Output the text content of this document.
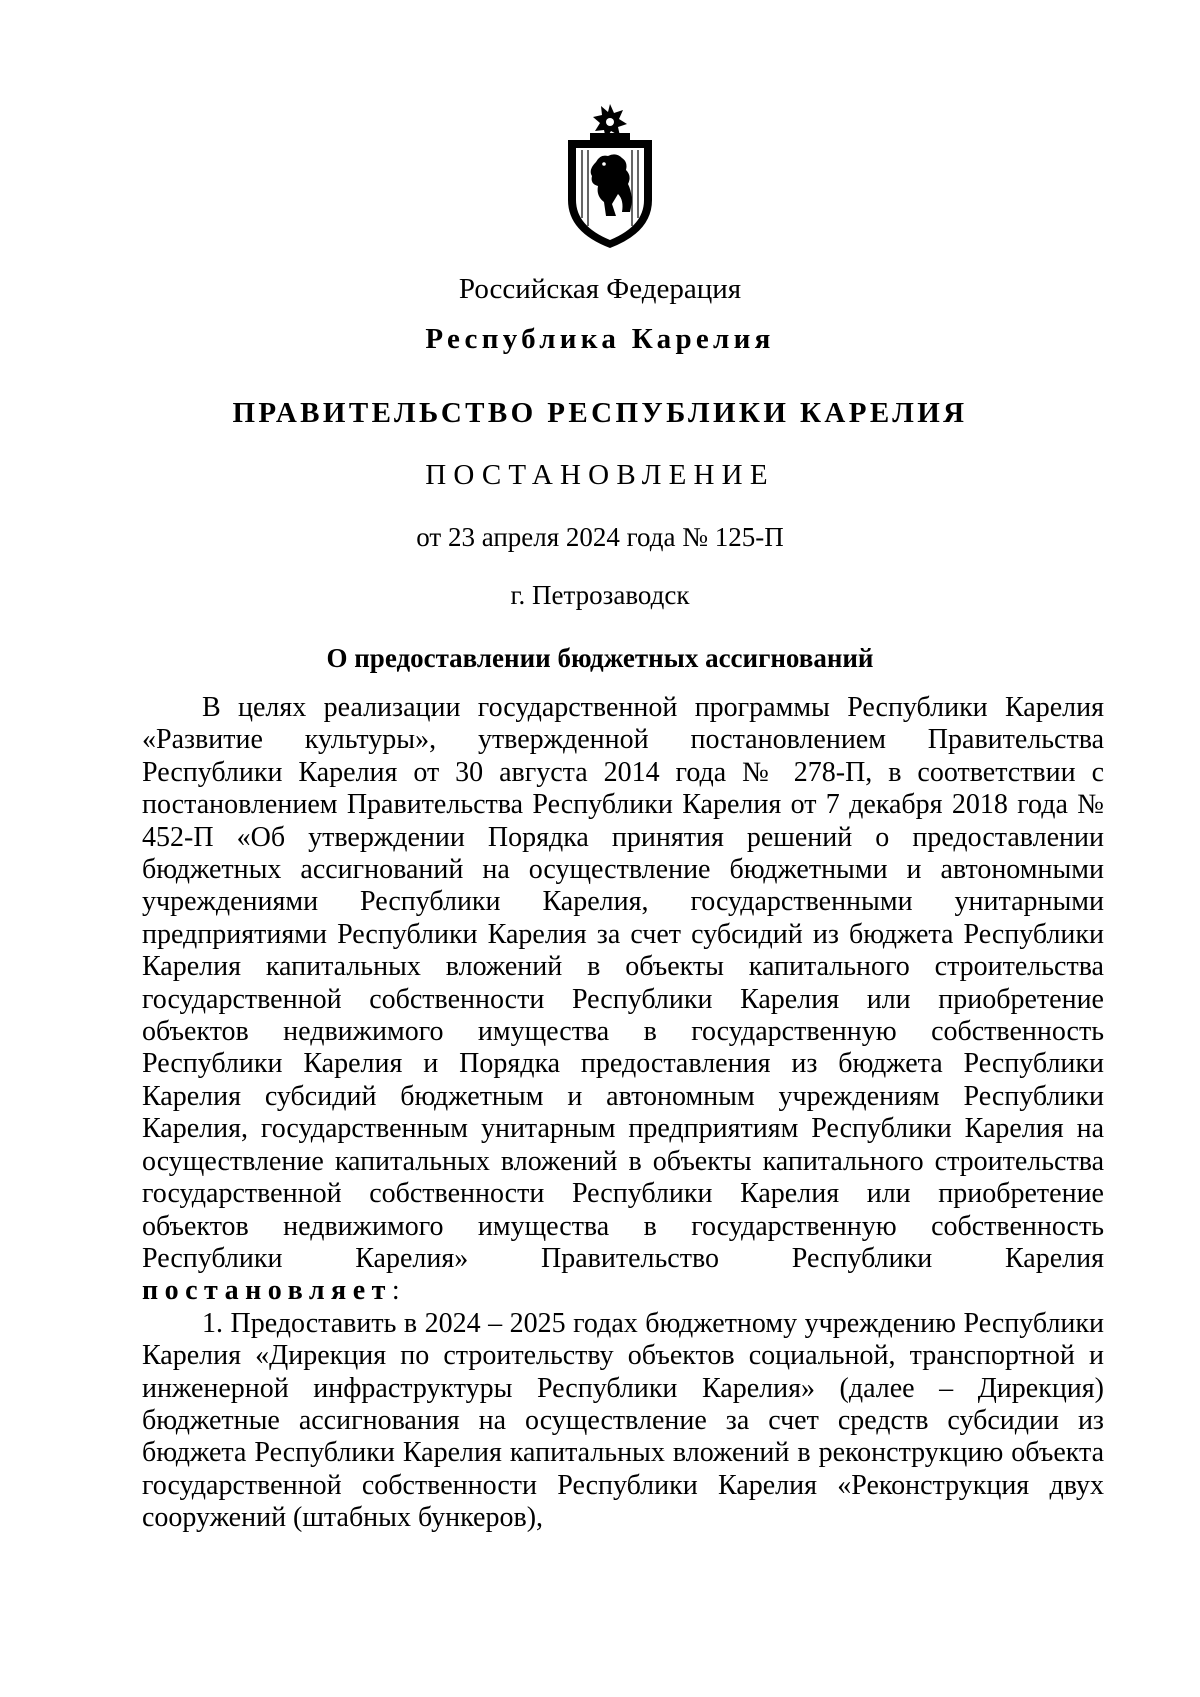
Российская Федерация
Республика Карелия
ПРАВИТЕЛЬСТВО РЕСПУБЛИКИ КАРЕЛИЯ
ПОСТАНОВЛЕНИЕ
от 23 апреля 2024 года № 125-П
г. Петрозаводск
О предоставлении бюджетных ассигнований

В целях реализации государственной программы Республики Карелия «Развитие культуры», утвержденной постановлением Правительства Республики Карелия от 30 августа 2014 года № 278-П, в соответствии с постановлением Правительства Республики Карелия от 7 декабря 2018 года № 452-П «Об утверждении Порядка принятия решений о предоставлении бюджетных ассигнований на осуществление бюджетными и автономными учреждениями Республики Карелия, государственными унитарными предприятиями Республики Карелия за счет субсидий из бюджета Республики Карелия капитальных вложений в объекты капитального строительства государственной собственности Республики Карелия или приобретение объектов недвижимого имущества в государственную собственность Республики Карелия и Порядка предоставления из бюджета Республики Карелия субсидий бюджетным и автономным учреждениям Республики Карелия, государственным унитарным предприятиям Республики Карелия на осуществление капитальных вложений в объекты капитального строительства государственной собственности Республики Карелия или приобретение объектов недвижимого имущества в государственную собственность Республики Карелия» Правительство Республики Карелия постановляет:

1. Предоставить в 2024 – 2025 годах бюджетному учреждению Республики Карелия «Дирекция по строительству объектов социальной, транспортной и инженерной инфраструктуры Республики Карелия» (далее – Дирекция) бюджетные ассигнования на осуществление за счет средств субсидии из бюджета Республики Карелия капитальных вложений в реконструкцию объекта государственной собственности Республики Карелия «Реконструкция двух сооружений (штабных бункеров),
